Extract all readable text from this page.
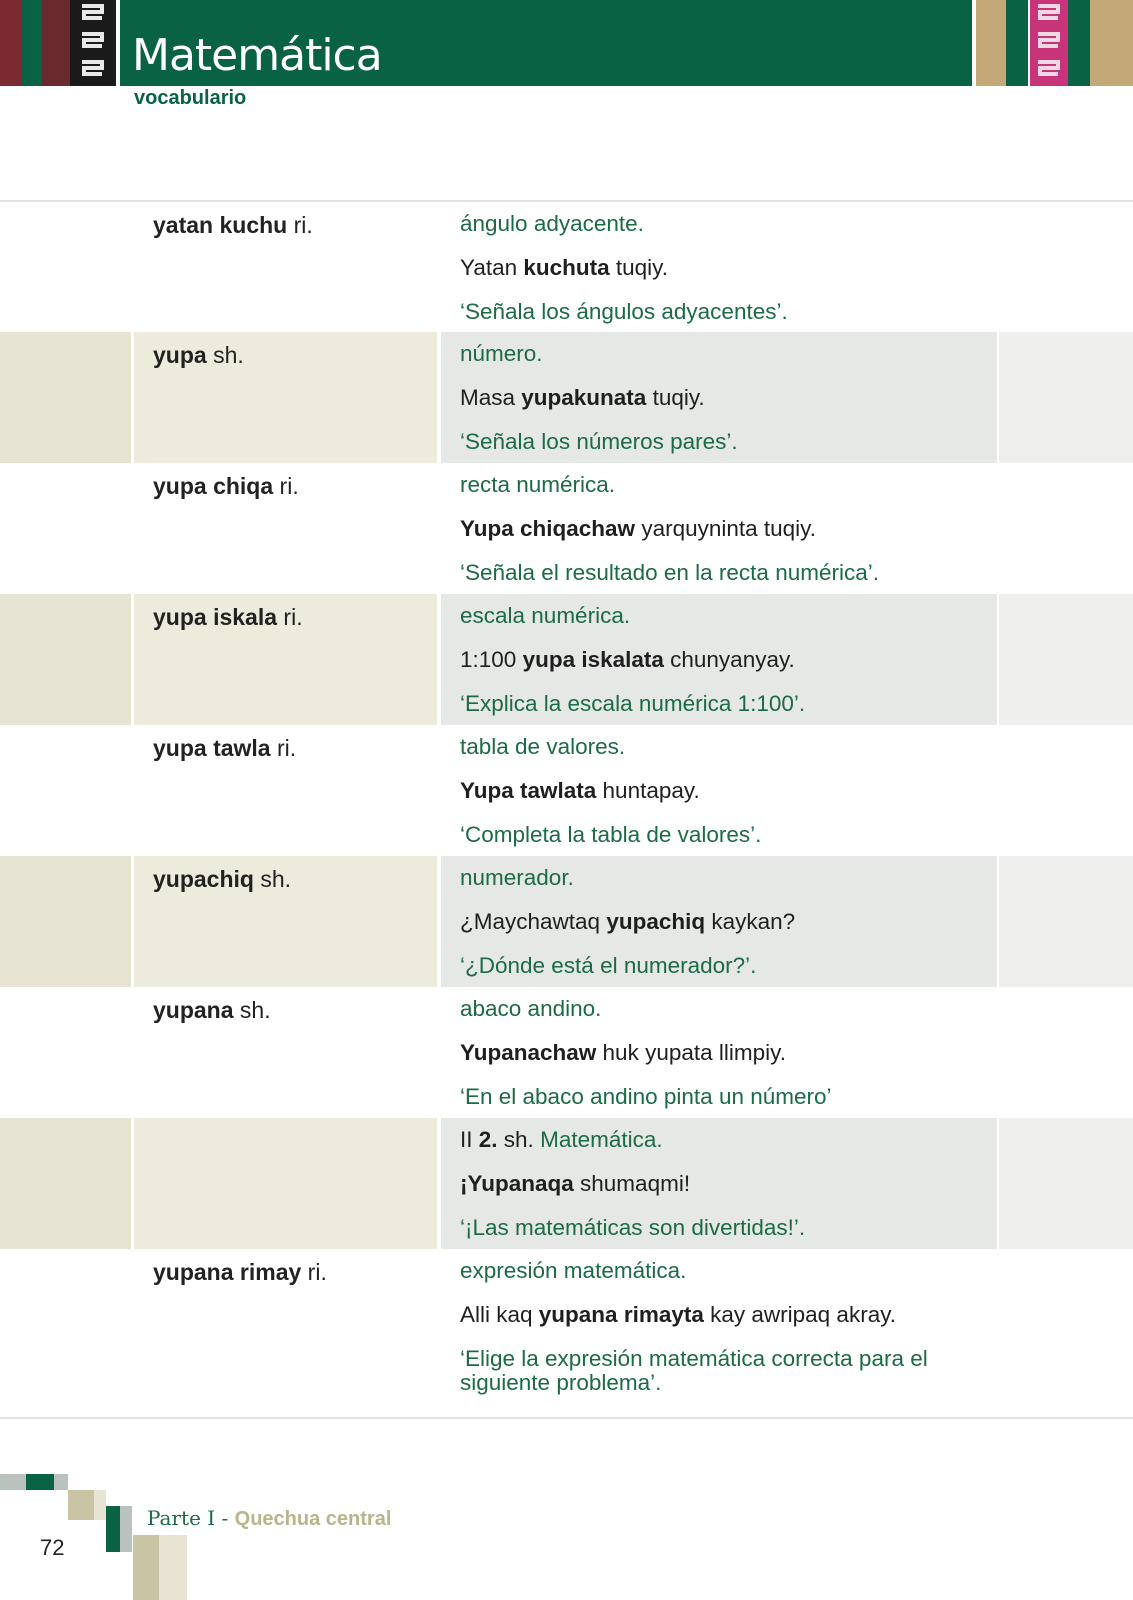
Matemática
vocabulario
yatan kuchu ri.	ángulo adyacente.
Yatan kuchuta tuqiy.
‘Señala los ángulos adyacentes’.
yupa sh.	número.
Masa yupakunata tuqiy.
‘Señala los números pares’.
yupa chiqa ri.	recta numérica.
Yupa chiqachaw yarquyninta tuqiy.
‘Señala el resultado en la recta numérica’.
yupa iskala ri.	escala numérica.
1:100 yupa iskalata chunyanyay.
‘Explica la escala numérica 1:100’.
yupa tawla ri.	tabla de valores.
Yupa tawlata huntapay.
‘Completa la tabla de valores’.
yupachiq sh.	numerador.
¿Maychawtaq yupachiq kaykan?
‘¿Dónde está el numerador?’.
yupana sh.	abaco andino.
Yupanachaw huk yupata llimpiy.
‘En el abaco andino pinta un número’
II 2. sh. Matemática.
¡Yupanaqa shumaqmi!
‘¡Las matemáticas son divertidas!’.
yupana rimay ri.	expresión matemática.
Alli kaq yupana rimayta kay awripaq akray.
‘Elige la expresión matemática correcta para el siguiente problema’.
Parte I - Quechua central
72
